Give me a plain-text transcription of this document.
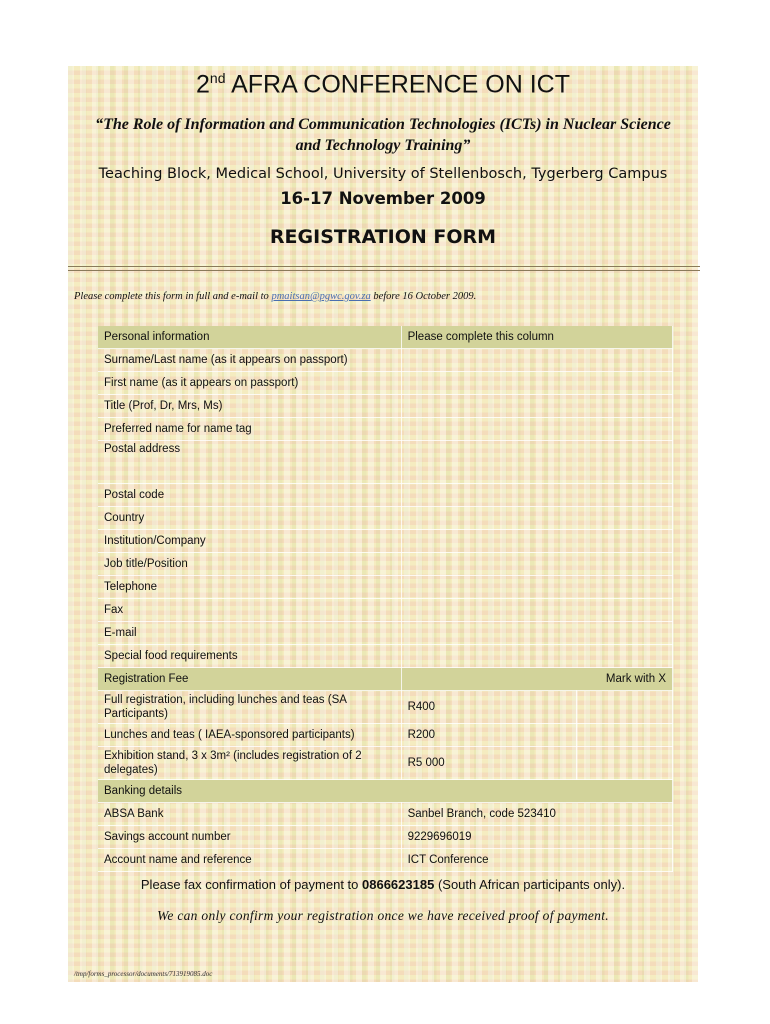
2nd AFRA CONFERENCE ON ICT
“The Role of Information and Communication Technologies (ICTs) in Nuclear Science and Technology Training”
Teaching Block, Medical School, University of Stellenbosch, Tygerberg Campus
16-17 November 2009
REGISTRATION FORM
Please complete this form in full and e-mail to pmaitsan@pgwc.gov.za before 16 October 2009.
Personal information	Please complete this column	
Surname/Last name (as it appears on passport)		
First name (as it appears on passport)		
Title (Prof, Dr, Mrs, Ms)		
Preferred name for name tag		
Postal address		
Postal code		
Country		
Institution/Company		
Job title/Position		
Telephone		
Fax		
E-mail		
Special food requirements		
Registration Fee	Mark with X	
Full registration, including lunches and teas (SA Participants)	R400	
Lunches and teas ( IAEA-sponsored participants)	R200	
Exhibition stand, 3 x 3m² (includes registration of 2 delegates)	R5 000	
Banking details		
ABSA Bank	Sanbel Branch, code 523410	
Savings account number	9229696019	
Account name and reference	ICT Conference	
Please fax confirmation of payment to 0866623185 (South African participants only).
We can only confirm your registration once we have received proof of payment.
/tmp/forms_processor/documents/713919085.doc
